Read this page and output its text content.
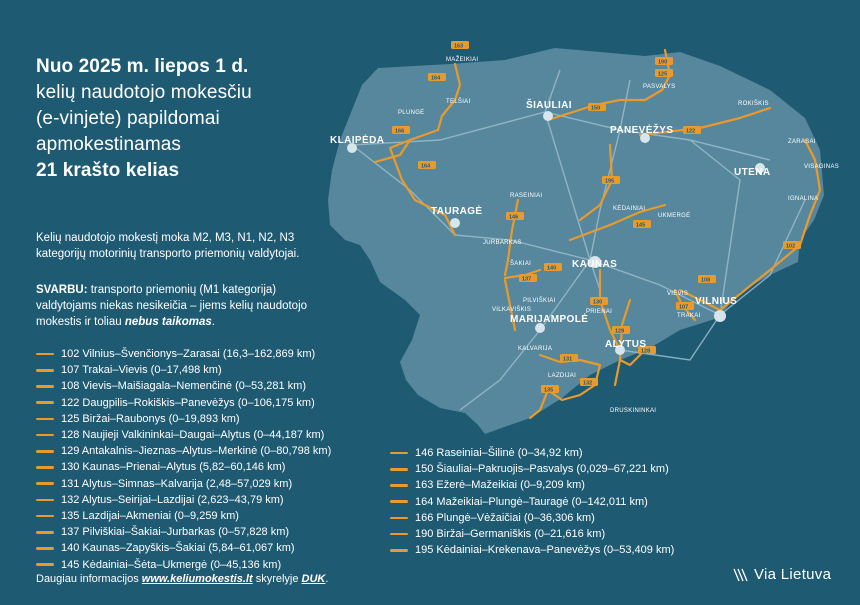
163
164
166
164
190
125
150
122
195
146
145
140
137	108
107
130
102
129
128
131
132
135
ŠIAULIAI
PANEVĖŽYS
KLAIPĖDA
UTENA
TAURAGĖ
KAUNAS
VILNIUS
MARIJAMPOLĖ
ALYTUS
MAŽEIKIAI
TELŠIAI
PLUNGĖ
PASVALYS
ROKIŠKIS
ZARASAI
VISAGINAS
IGNALINA
RASEINIAI
KĖDAINIAI
UKMERGĖ
JURBARKAS
ŠAKIAI
PILVIŠKIAI
VILKAVIŠKIS	PRIENAI
VIEVIS
TRAKAI
KALVARIJA
LAZDIJAI
DRUSKININKAI
Nuo 2025 m. liepos 1 d.
kelių naudotojo mokesčiu
(e-vinjete) papildomai
apmokestinamas
21 krašto kelias
Kelių naudotojo mokestį moka M2, M3, N1, N2, N3 kategorijų motorinių transporto priemonių valdytojai.
SVARBU: transporto priemonių (M1 kategorija) valdytojams niekas nesikeičia – jiems kelių naudotojo mokestis ir toliau nebus taikomas.
102 Vilnius–Švenčionys–Zarasai (16,3–162,869 km)
107 Trakai–Vievis (0–17,498 km)
108 Vievis–Maišiagala–Nemenčinė (0–53,281 km)
122 Daugpilis–Rokiškis–Panevėžys (0–106,175 km)
125 Biržai–Raubonys (0–19,893 km)
128 Naujieji Valkininkai–Daugai–Alytus (0–44,187 km)
129 Antakalnis–Jieznas–Alytus–Merkinė (0–80,798 km)
130 Kaunas–Prienai–Alytus (5,82–60,146 km)
131 Alytus–Simnas–Kalvarija (2,48–57,029 km)
132 Alytus–Seirijai–Lazdijai (2,623–43,79 km)
135 Lazdijai–Akmeniai (0–9,259 km)
137 Pilviškiai–Šakiai–Jurbarkas (0–57,828 km)
140 Kaunas–Zapyškis–Šakiai (5,84–61,067 km)
145 Kėdainiai–Šėta–Ukmergė (0–45,136 km)
146 Raseiniai–Šilinė (0–34,92 km)
150 Šiauliai–Pakruojis–Pasvalys (0,029–67,221 km)
163 Ežerė–Mažeikiai (0–9,209 km)
164 Mažeikiai–Plungė–Tauragė (0–142,011 km)
166 Plungė–Vėžaičiai (0–36,306 km)
190 Biržai–Germaniškis (0–21,616 km)
195 Kėdainiai–Krekenava–Panevėžys (0–53,409 km)
Daugiau informacijos www.keliumokestis.lt skyrelyje DUK.	Via Lietuva
